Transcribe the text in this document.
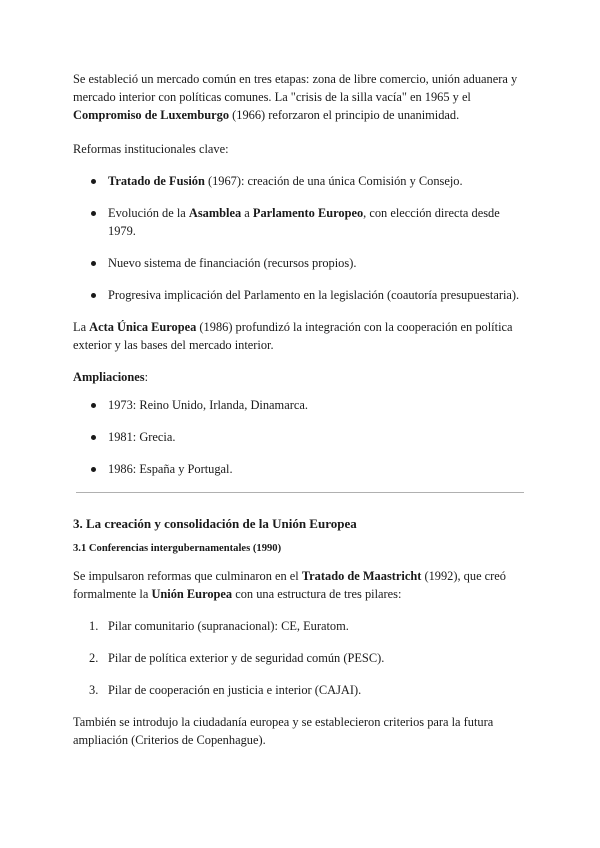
Se estableció un mercado común en tres etapas: zona de libre comercio, unión aduanera y mercado interior con políticas comunes. La "crisis de la silla vacía" en 1965 y el Compromiso de Luxemburgo (1966) reforzaron el principio de unanimidad.

Reformas institucionales clave:

Tratado de Fusión (1967): creación de una única Comisión y Consejo.
Evolución de la Asamblea a Parlamento Europeo, con elección directa desde 1979.
Nuevo sistema de financiación (recursos propios).
Progresiva implicación del Parlamento en la legislación (coautoría presupuestaria).

La Acta Única Europea (1986) profundizó la integración con la cooperación en política exterior y las bases del mercado interior.

Ampliaciones:

1973: Reino Unido, Irlanda, Dinamarca.
1981: Grecia.
1986: España y Portugal.

3. La creación y consolidación de la Unión Europea

3.1 Conferencias intergubernamentales (1990)

Se impulsaron reformas que culminaron en el Tratado de Maastricht (1992), que creó formalmente la Unión Europea con una estructura de tres pilares:

1. Pilar comunitario (supranacional): CE, Euratom.
2. Pilar de política exterior y de seguridad común (PESC).
3. Pilar de cooperación en justicia e interior (CAJAI).

También se introdujo la ciudadanía europea y se establecieron criterios para la futura ampliación (Criterios de Copenhague).
